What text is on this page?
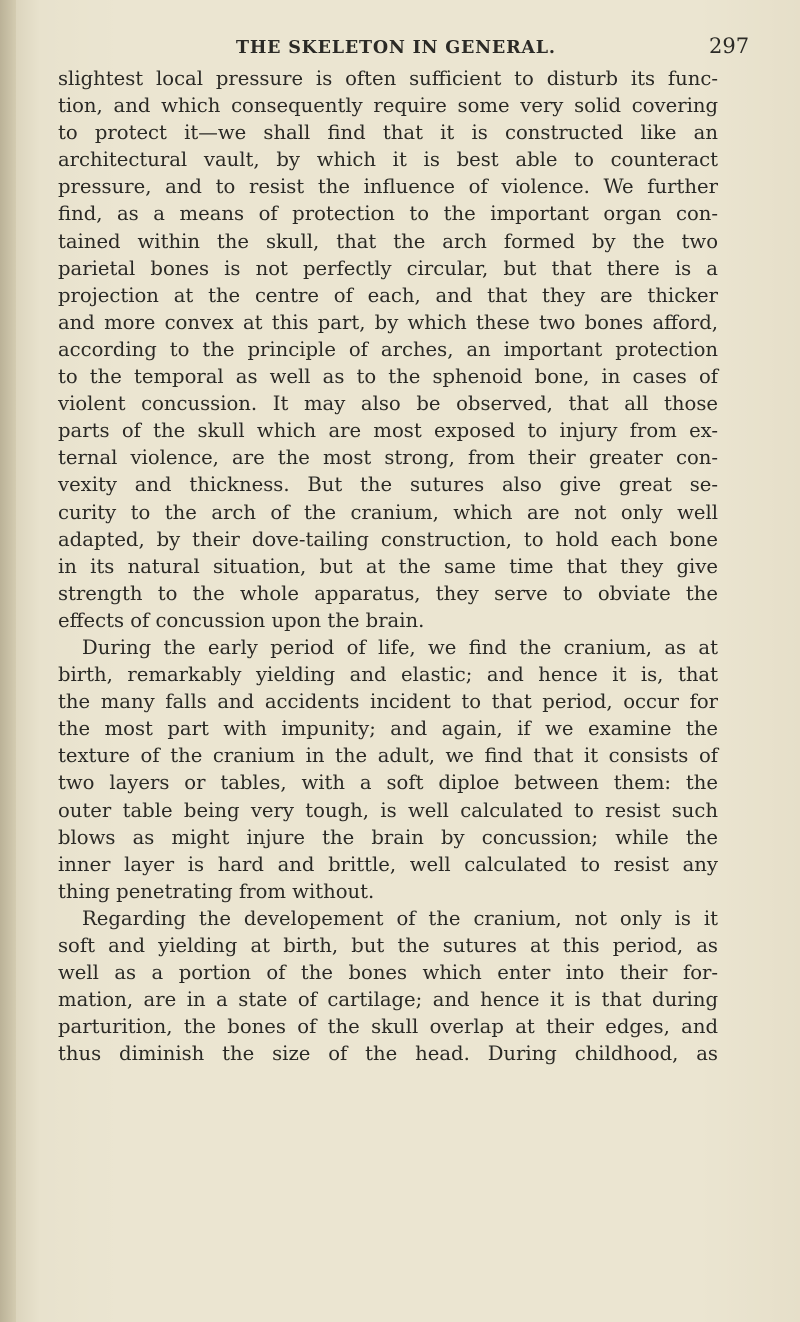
THE SKELETON IN GENERAL.	297
slightest local pressure is often sufficient to disturb its func-
tion, and which consequently require some very solid covering
to protect it—we shall find that it is constructed like an
architectural vault, by which it is best able to counteract
pressure, and to resist the influence of violence. We further
find, as a means of protection to the important organ con-
tained within the skull, that the arch formed by the two
parietal bones is not perfectly circular, but that there is a
projection at the centre of each, and that they are thicker
and more convex at this part, by which these two bones afford,
according to the principle of arches, an important protection
to the temporal as well as to the sphenoid bone, in cases of
violent concussion. It may also be observed, that all those
parts of the skull which are most exposed to injury from ex-
ternal violence, are the most strong, from their greater con-
vexity and thickness. But the sutures also give great se-
curity to the arch of the cranium, which are not only well
adapted, by their dove-tailing construction, to hold each bone
in its natural situation, but at the same time that they give
strength to the whole apparatus, they serve to obviate the
effects of concussion upon the brain.
During the early period of life, we find the cranium, as at
birth, remarkably yielding and elastic; and hence it is, that
the many falls and accidents incident to that period, occur for
the most part with impunity; and again, if we examine the
texture of the cranium in the adult, we find that it consists of
two layers or tables, with a soft diploe between them: the
outer table being very tough, is well calculated to resist such
blows as might injure the brain by concussion; while the
inner layer is hard and brittle, well calculated to resist any
thing penetrating from without.
Regarding the developement of the cranium, not only is it
soft and yielding at birth, but the sutures at this period, as
well as a portion of the bones which enter into their for-
mation, are in a state of cartilage; and hence it is that during
parturition, the bones of the skull overlap at their edges, and
thus diminish the size of the head. During childhood, as
